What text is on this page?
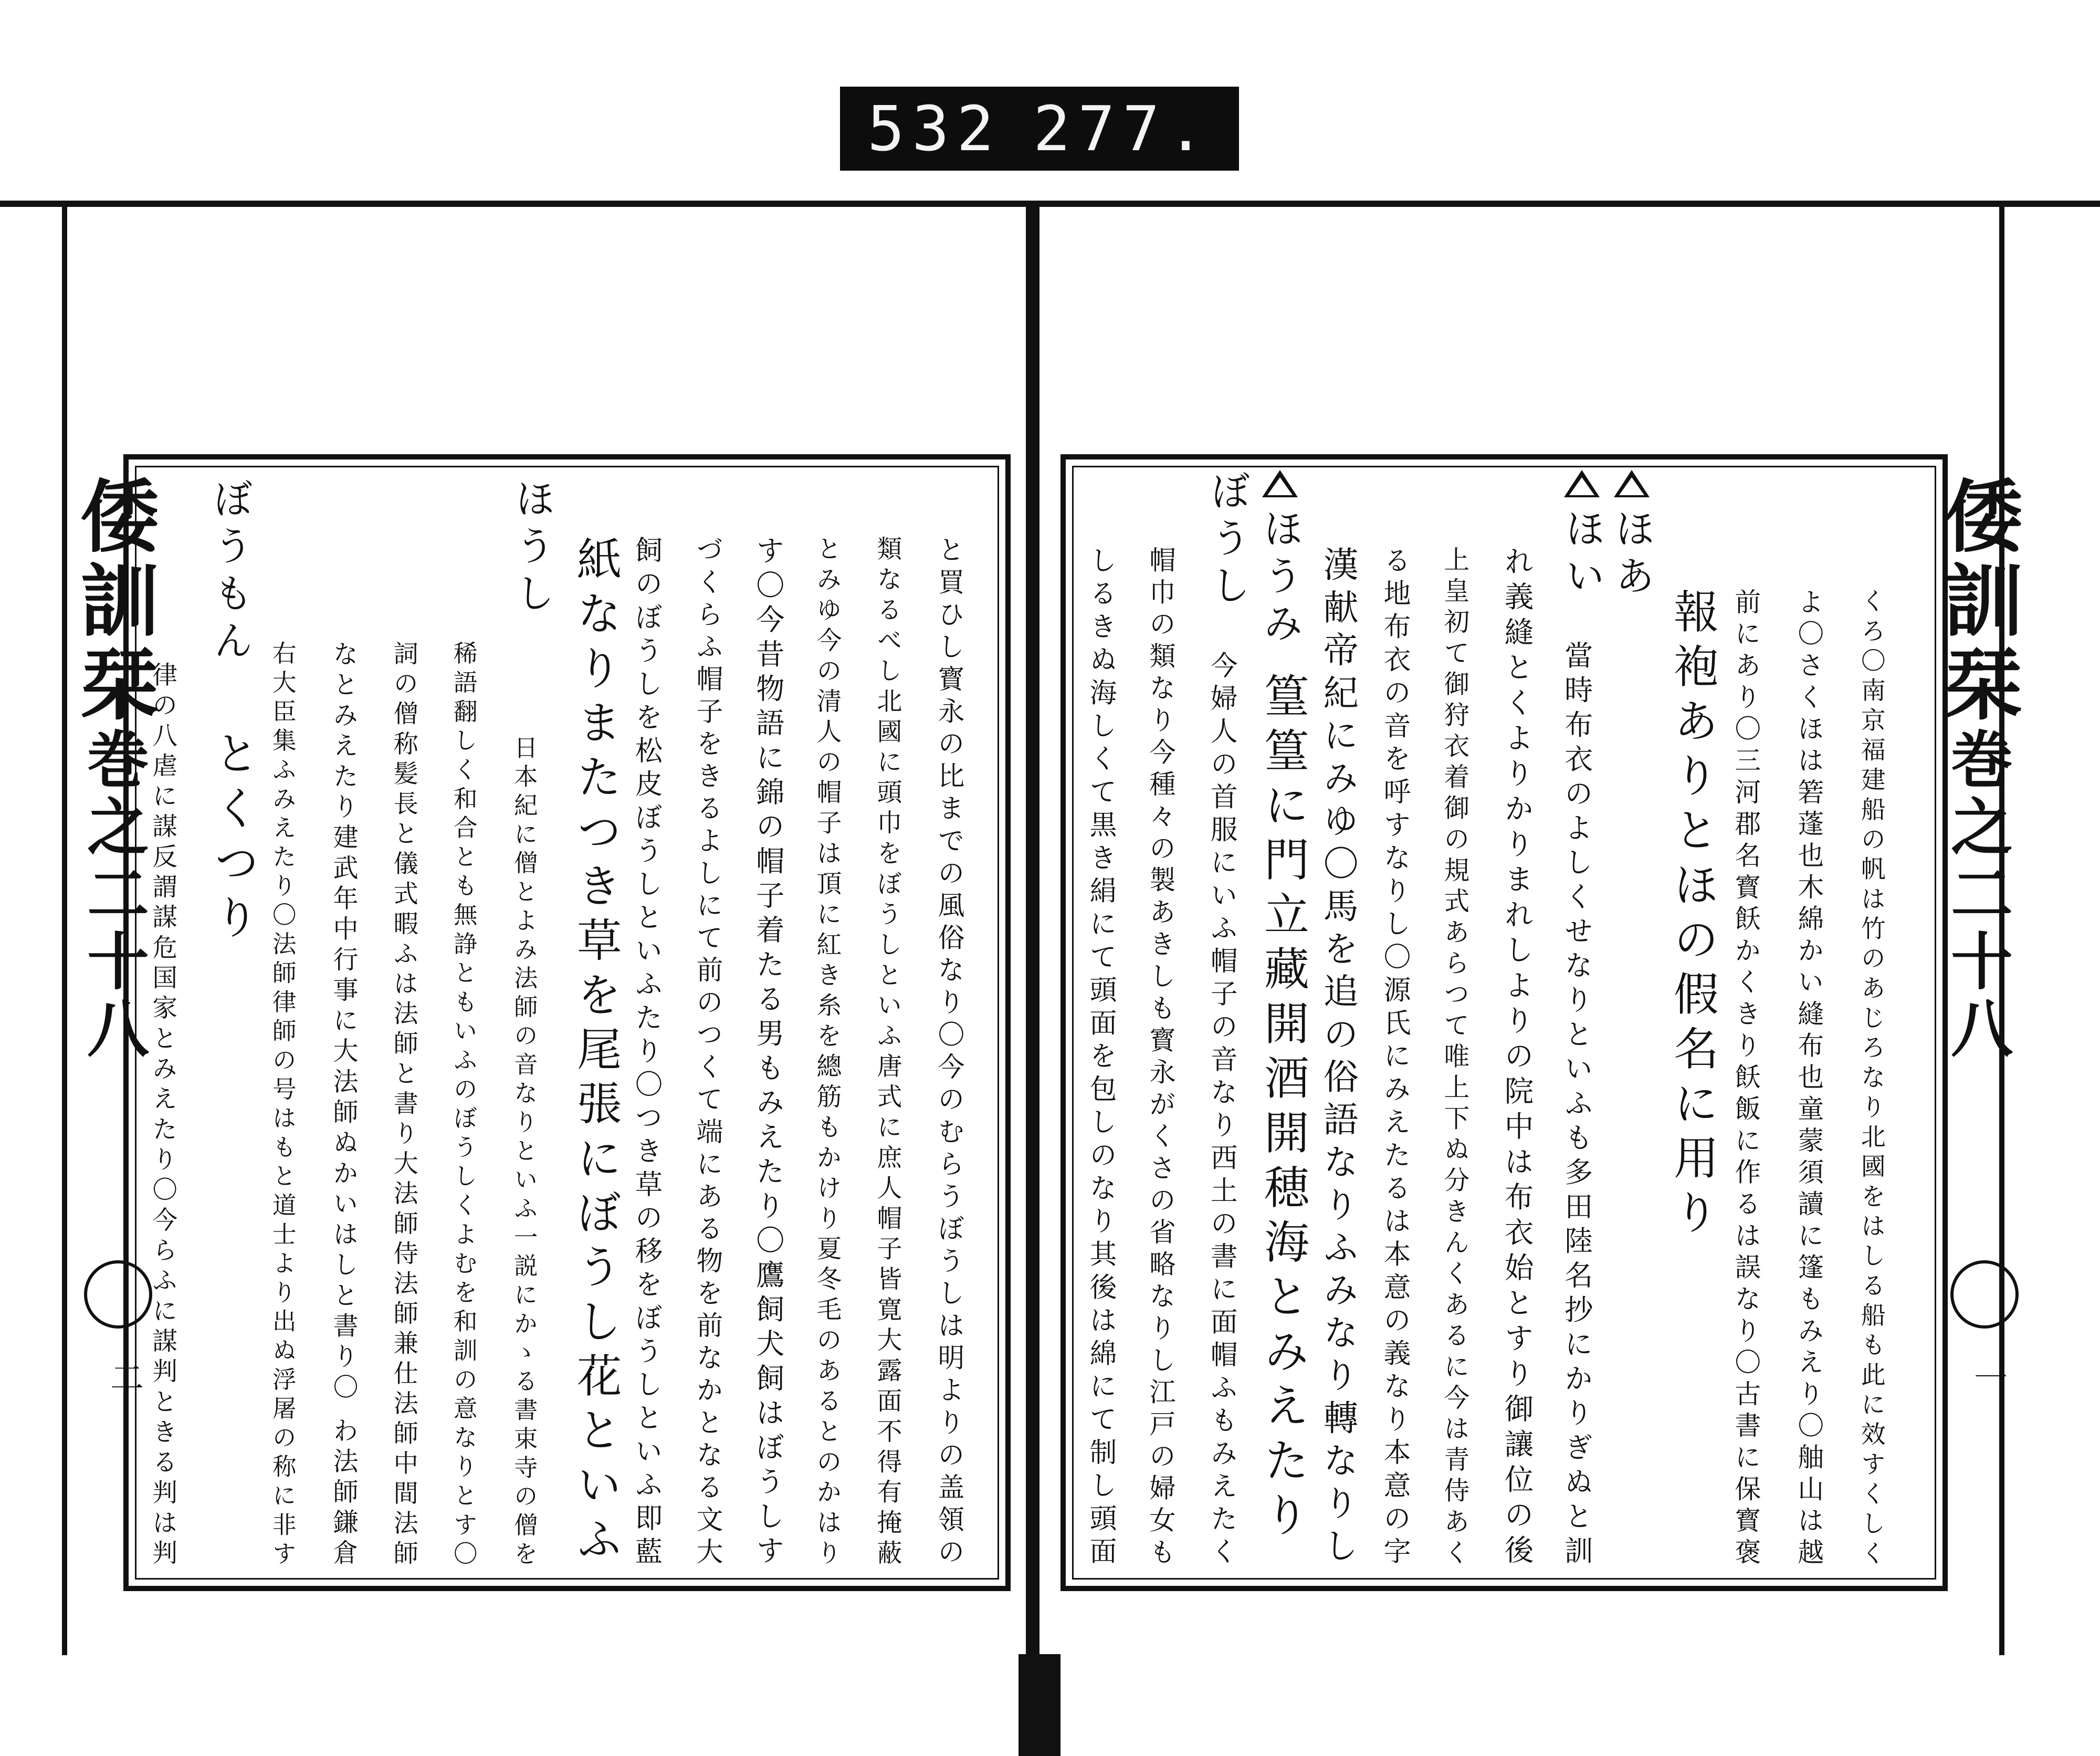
532 277.
倭訓栞巻之二十八
一
くろ〇南京福建船の帆は竹のあじろなり北國をはしる船も此に效すくしく
よ〇さくほは箬蓬也木綿かい縫布也童蒙須讀に篷もみえり〇舳山は越
前にあり〇三河郡名寳飫かくきり飫飯に作るは誤なり〇古書に保寳褒
報袍ありとほの假名に用り
ほあ
ほい
當時布衣のよしくせなりといふも多田陸名抄にかりぎぬと訓
れ義縫とくよりかりまれしよりの院中は布衣始とすり御讓位の後
上皇初て御狩衣着御の規式あらつて唯上下ぬ分きんくあるに今は青侍あく
る地布衣の音を呼すなりし〇源氏にみえたるは本意の義なり本意の字
漢献帝紀にみゆ〇馬を追の俗語なりふみなり轉なりし
ほうみ
篁篁に門立藏開酒開穂海とみえたり
ぼうし
今婦人の首服にいふ帽子の音なり西土の書に面帽ふもみえたく
帽巾の類なり今種々の製あきしも寳永がくさの省略なりし江戸の婦女も
しるきぬ海しくて黒き絹にて頭面を包しのなり其後は綿にて制し頭面
倭訓栞巻之二十八
二	と買ひし寳永の比までの風俗なり〇今のむらうぼうしは明よりの盖領の
類なるべし北國に頭巾をぼうしといふ唐式に庶人帽子皆寛大露面不得有掩蔽
とみゆ今の清人の帽子は頂に紅き糸を總筋もかけり夏冬毛のあるとのかはり
す〇今昔物語に錦の帽子着たる男もみえたり〇鷹飼犬飼はぼうしす
づくらふ帽子をきるよしにて前のつくて端にある物を前なかとなる文大
飼のぼうしを松皮ぼうしといふたり〇つき草の移をぼうしといふ即藍
紙なりまたつき草を尾張にぼうし花といふ
ほうし
日本紀に僧とよみ法師の音なりといふ一説にかゝる書束寺の僧を
稀語翻しく和合とも無諍ともいふのぼうしくよむを和訓の意なりとす〇
詞の僧称髪長と儀式暇ふは法師と書り大法師侍法師兼仕法師中間法師
なとみえたり建武年中行事に大法師ぬかいはしと書り〇 わ法師鎌倉
右大臣集ふみえたり〇法師律師の号はもと道士より出ぬ浮屠の称に非す
ぼうもん
とくつり
律の八虐に謀反謂謀危国家とみえたり〇今らふに謀判ときる判は判
